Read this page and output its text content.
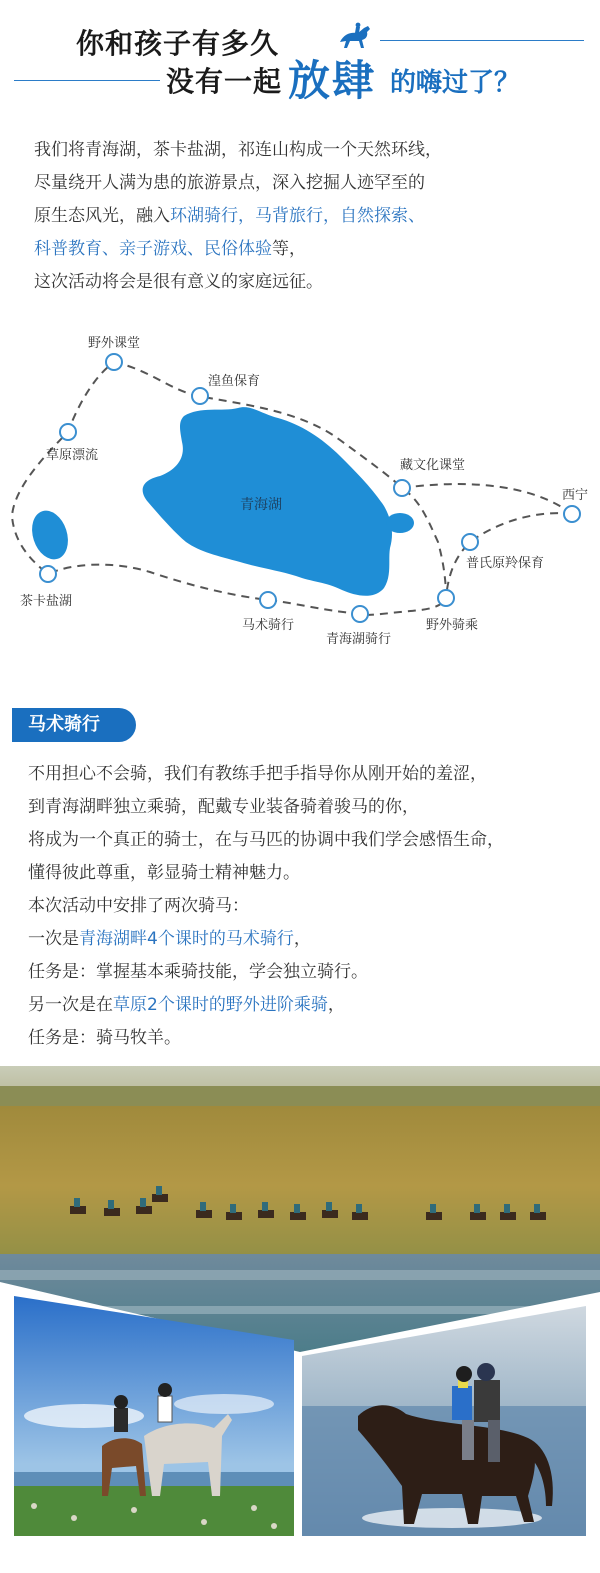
你和孩子有多久
没有一起 放肆 的嗨过了？

我们将青海湖，茶卡盐湖，祁连山构成一个天然环线，

尽量绕开人满为患的旅游景点，深入挖掘人迹罕至的

原生态风光，融入环湖骑行，马背旅行，自然探索、

科普教育、亲子游戏、民俗体验等，

这次活动将会是很有意义的家庭远征。

野外课堂
湟鱼保育
草原漂流
藏文化课堂
西宁
普氏原羚保育
茶卡盐湖
马术骑行
青海湖骑行
野外骑乘
青海湖
马术骑行

不用担心不会骑，我们有教练手把手指导你从刚开始的羞涩，

到青海湖畔独立乘骑，配戴专业装备骑着骏马的你，

将成为一个真正的骑士，在与马匹的协调中我们学会感悟生命，

懂得彼此尊重，彰显骑士精神魅力。

本次活动中安排了两次骑马：

一次是青海湖畔4个课时的马术骑行，

任务是：掌握基本乘骑技能，学会独立骑行。

另一次是在草原2个课时的野外进阶乘骑，

任务是：骑马牧羊。
